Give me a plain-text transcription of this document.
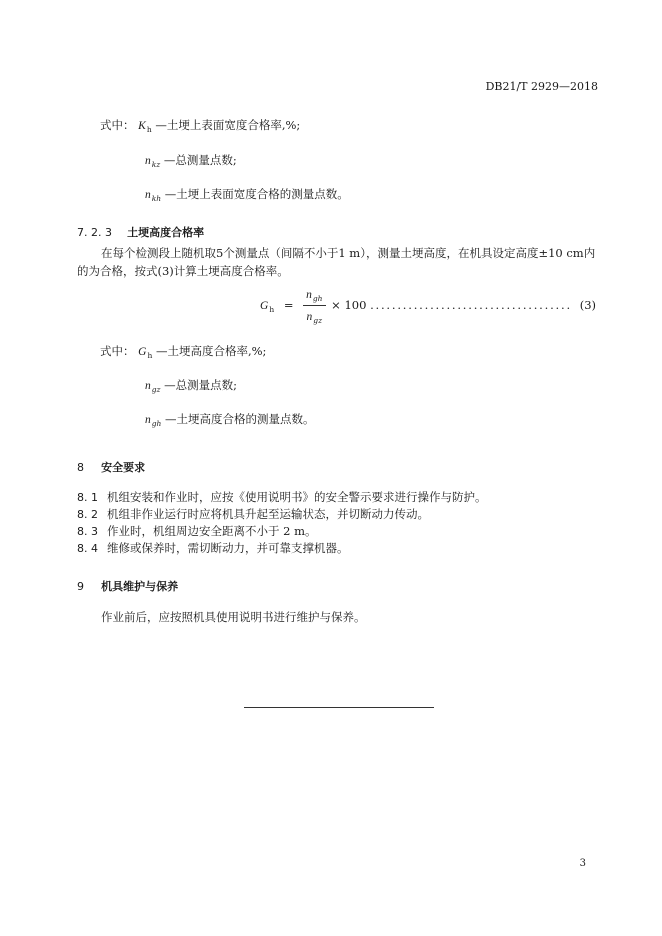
DB21/T 2929—2018
式中： $K_h$ —土埂上表面宽度合格率,%;
$n_{kz}$ —总测量点数;
$n_{kh}$ —土埂上表面宽度合格的测量点数。
7. 2. 3 土埂高度合格率
在每个检测段上随机取5个测量点（间隔不小于1 m），测量土埂高度，在机具设定高度±10 cm内
的为合格，按式(3)计算土埂高度合格率。
$G_h = \frac{n_{gh}}{n_{gz}} \times 100$ ..................................... (3)
式中： $G_h$ —土埂高度合格率,%;
$n_{gz}$ —总测量点数;
$n_{gh}$ —土埂高度合格的测量点数。
8 安全要求
8. 1 机组安装和作业时，应按《使用说明书》的安全警示要求进行操作与防护。
8. 2 机组非作业运行时应将机具升起至运输状态，并切断动力传动。
8. 3 作业时，机组周边安全距离不小于 2 m。
8. 4 维修或保养时，需切断动力，并可靠支撑机器。
9 机具维护与保养
作业前后，应按照机具使用说明书进行维护与保养。
3
